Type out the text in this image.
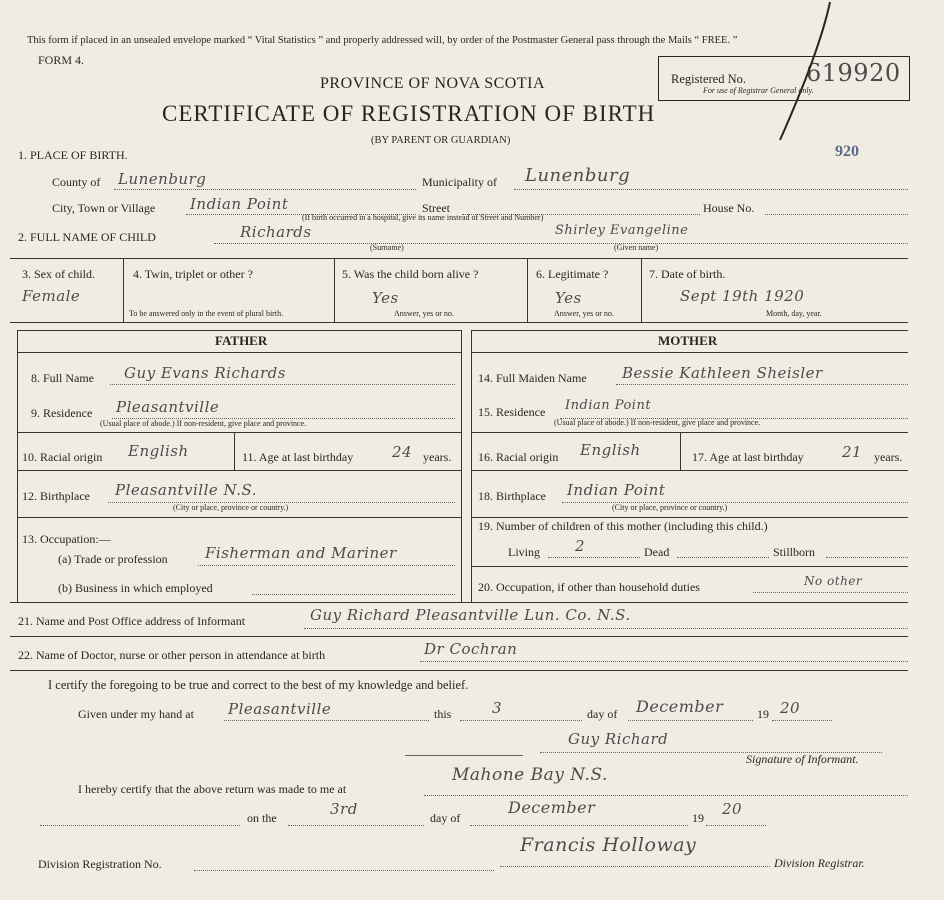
This form if placed in an unsealed envelope marked “ Vital Statistics ” and properly addressed will, by order of the Postmaster General pass through the Mails “ FREE. ”
FORM 4.
PROVINCE OF NOVA SCOTIA
CERTIFICATE OF REGISTRATION OF BIRTH
(BY PARENT OR GUARDIAN)
Registered No.	619920
For use of Registrar General only.
920
1. PLACE OF BIRTH.
County of Lunenburg	Municipality of Lunenburg
City, Town or Village Indian Point	Street	House No.
(If birth occurred in a hospital, give its name instead of Street and Number)
2. FULL NAME OF CHILD	Richards	Shirley Evangeline
(Surname)	(Given name)
3. Sex of child.
Female
4. Twin, triplet or other ?
To be answered only in the event of plural birth.
5. Was the child born alive ?
Yes
Answer, yes or no.
6. Legitimate ?
Yes
Answer, yes or no.
7. Date of birth.
Sept 19th 1920
Month, day, year.
FATHER	MOTHER
8. Full Name Guy Evans Richards
9. Residence Pleasantville
(Usual place of abode.) If non-resident, give place and province.
10. Racial origin English	11. Age at last birthday	24 years.
12. Birthplace Pleasantville N.S.
(City or place, province or country.)
13. Occupation:—
(a) Trade or profession Fisherman and Mariner
(b) Business in which employed
14. Full Maiden Name Bessie Kathleen Sheisler
15. Residence Indian Point
(Usual place of abode.) If non-resident, give place and province.
16. Racial origin English	17. Age at last birthday	21 years.
18. Birthplace Indian Point
(City or place, province or country.)
19. Number of children of this mother (including this child.)
Living 2	Dead	Stillborn
20. Occupation, if other than household duties	No other
21. Name and Post Office address of Informant	Guy Richard Pleasantville Lun. Co. N.S.
22. Name of Doctor, nurse or other person in attendance at birth	Dr Cochran
I certify the foregoing to be true and correct to the best of my knowledge and belief.
Given under my hand at Pleasantville	this	3	day of December	19 20
Guy Richard
Signature of Informant.
I hereby certify that the above return was made to me at
Mahone Bay N.S.
on the	3rd	day of
December
19 20
Division Registration No.
Francis Holloway
Division Registrar.
